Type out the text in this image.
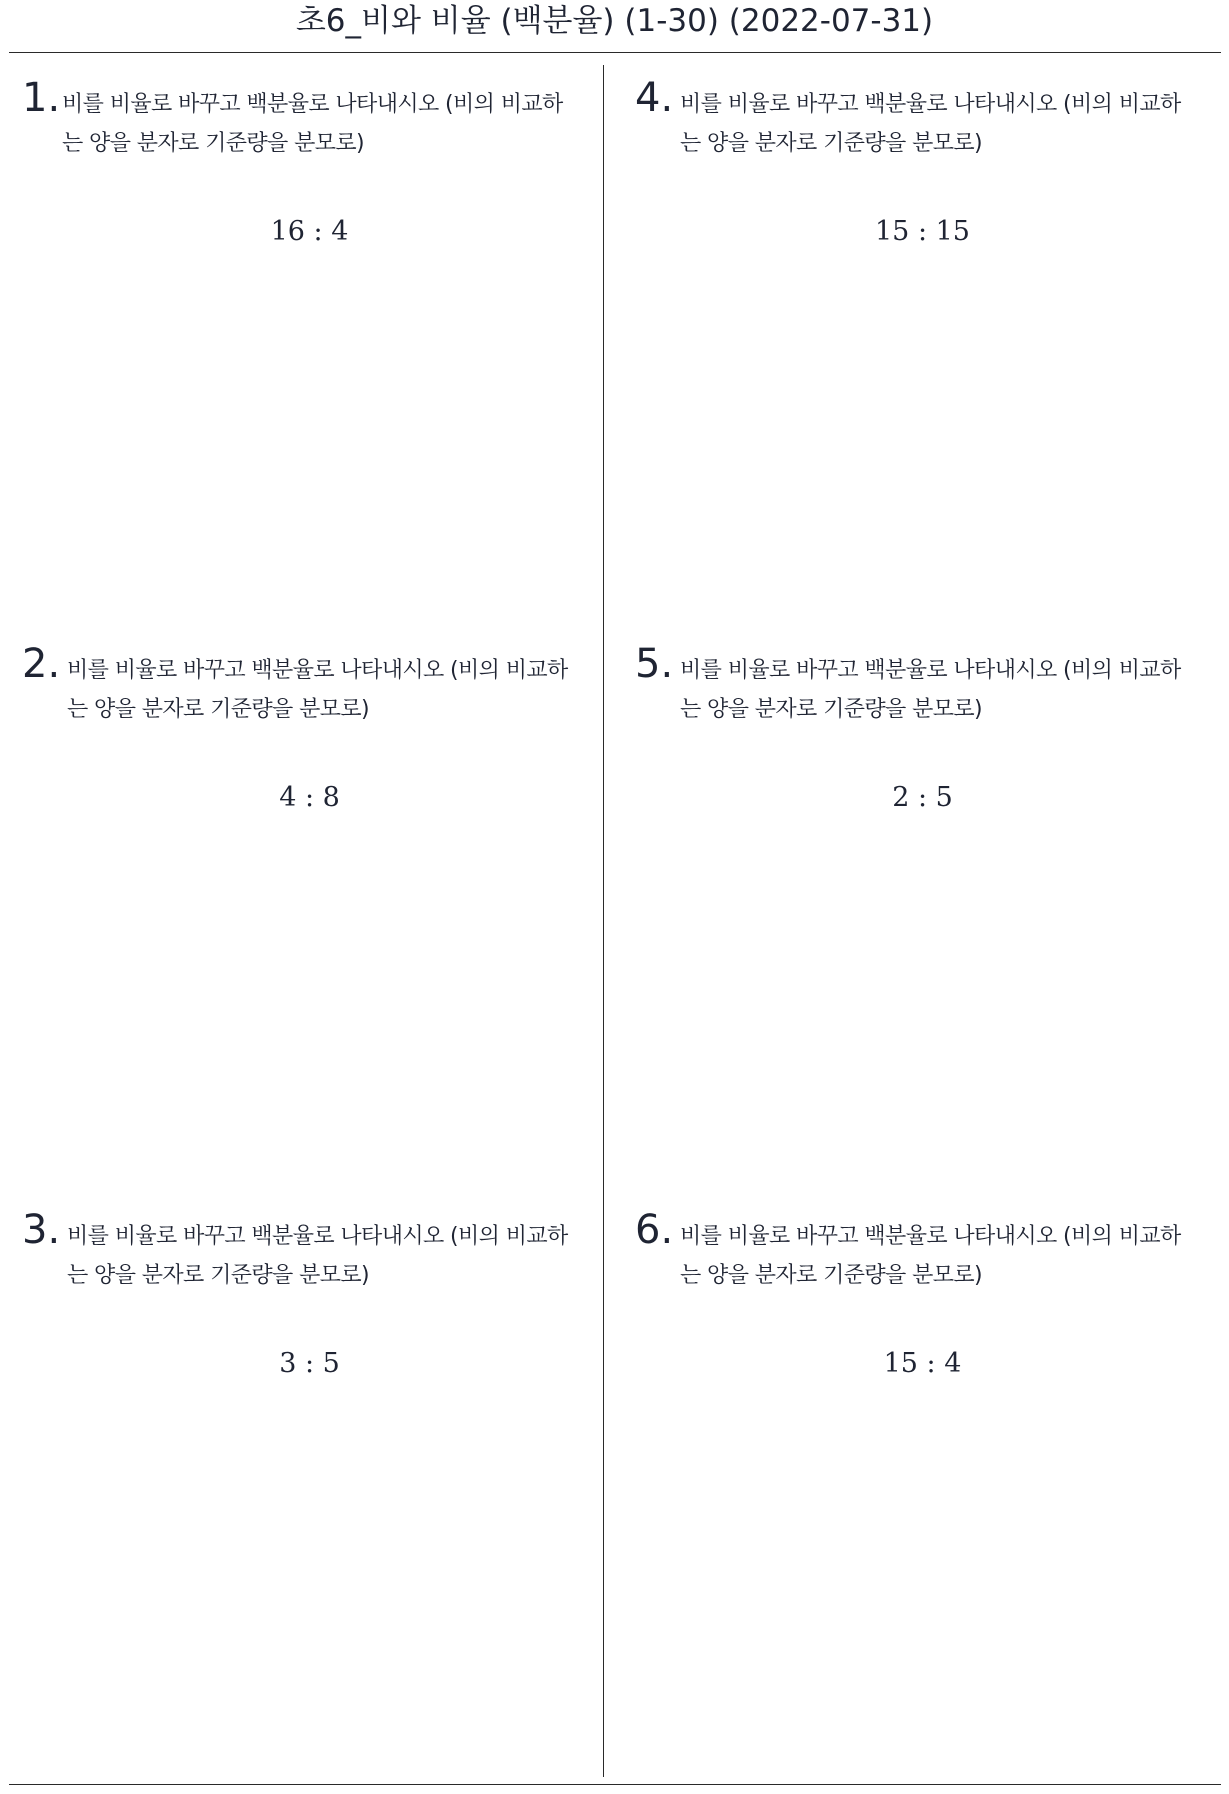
초6_비와 비율 (백분율) (1-30) (2022-07-31)
1. 비를 비율로 바꾸고 백분율로 나타내시오 (비의 비교하
는 양을 분자로 기준량을 분모로)
16 : 4
2. 비를 비율로 바꾸고 백분율로 나타내시오 (비의 비교하
는 양을 분자로 기준량을 분모로)
4 : 8
3. 비를 비율로 바꾸고 백분율로 나타내시오 (비의 비교하
는 양을 분자로 기준량을 분모로)
3 : 5
4. 비를 비율로 바꾸고 백분율로 나타내시오 (비의 비교하
는 양을 분자로 기준량을 분모로)
15 : 15
5. 비를 비율로 바꾸고 백분율로 나타내시오 (비의 비교하
는 양을 분자로 기준량을 분모로)
2 : 5
6. 비를 비율로 바꾸고 백분율로 나타내시오 (비의 비교하
는 양을 분자로 기준량을 분모로)
15 : 4
